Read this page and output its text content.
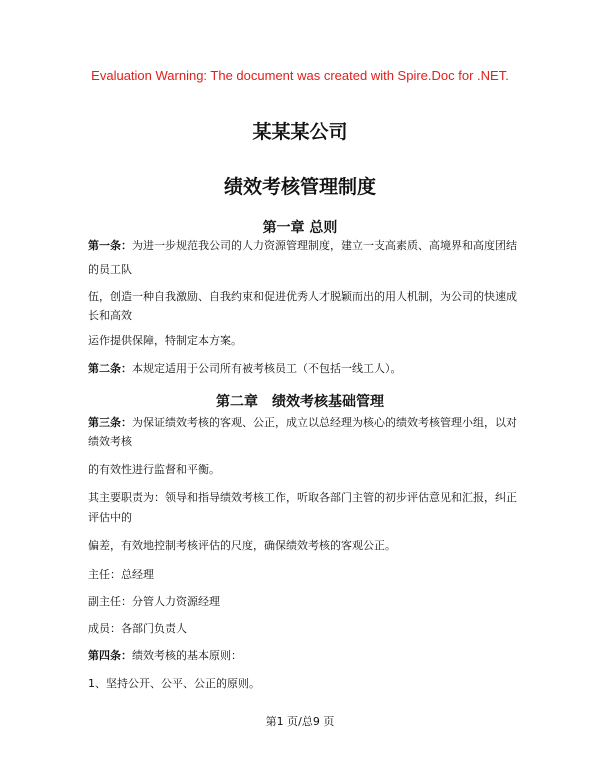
Evaluation Warning: The document was created with Spire.Doc for .NET.
某某某公司
绩效考核管理制度
第一章 总则
第一条：为进一步规范我公司的人力资源管理制度，建立一支高素质、高境界和高度团结
的员工队
伍，创造一种自我激励、自我约束和促进优秀人才脱颖而出的用人机制，为公司的快速成
长和高效
运作提供保障，特制定本方案。
第二条：本规定适用于公司所有被考核员工（不包括一线工人）。
第二章　绩效考核基础管理
第三条：为保证绩效考核的客观、公正，成立以总经理为核心的绩效考核管理小组，以对
绩效考核
的有效性进行监督和平衡。
其主要职责为：领导和指导绩效考核工作，听取各部门主管的初步评估意见和汇报，纠正
评估中的
偏差，有效地控制考核评估的尺度，确保绩效考核的客观公正。
主任：总经理
副主任：分管人力资源经理
成员：各部门负责人
第四条：绩效考核的基本原则：
1、坚持公开、公平、公正的原则。
第1 页/总9 页
